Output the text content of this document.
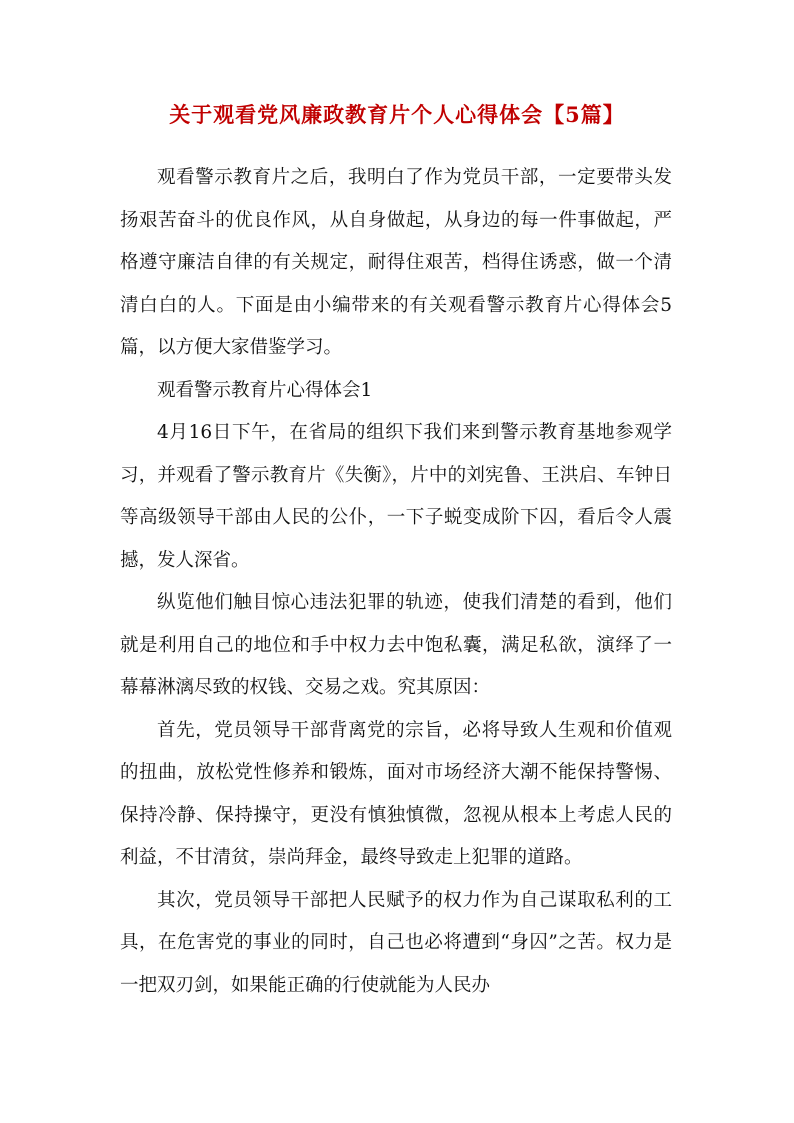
关于观看党风廉政教育片个人心得体会【5篇】

观看警示教育片之后，我明白了作为党员干部，一定要带头发扬艰苦奋斗的优良作风，从自身做起，从身边的每一件事做起，严格遵守廉洁自律的有关规定，耐得住艰苦，档得住诱惑，做一个清清白白的人。下面是由小编带来的有关观看警示教育片心得体会5篇，以方便大家借鉴学习。

观看警示教育片心得体会1

4月16日下午，在省局的组织下我们来到警示教育基地参观学习，并观看了警示教育片《失衡》，片中的刘宪鲁、王洪启、车钟日等高级领导干部由人民的公仆，一下子蜕变成阶下囚，看后令人震撼，发人深省。

纵览他们触目惊心违法犯罪的轨迹，使我们清楚的看到，他们就是利用自己的地位和手中权力去中饱私囊，满足私欲，演绎了一幕幕淋漓尽致的权钱、交易之戏。究其原因：

首先，党员领导干部背离党的宗旨，必将导致人生观和价值观的扭曲，放松党性修养和锻炼，面对市场经济大潮不能保持警惕、保持冷静、保持操守，更没有慎独慎微，忽视从根本上考虑人民的利益，不甘清贫，崇尚拜金，最终导致走上犯罪的道路。

其次，党员领导干部把人民赋予的权力作为自己谋取私利的工具，在危害党的事业的同时，自己也必将遭到“身囚”之苦。权力是一把双刃剑，如果能正确的行使就能为人民办
